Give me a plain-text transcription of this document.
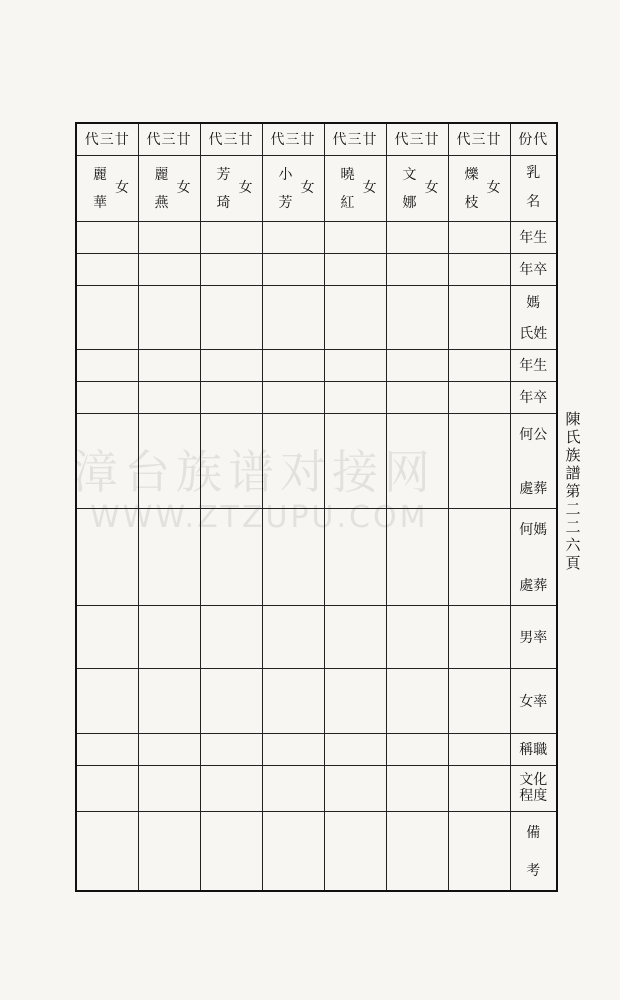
漳台族谱对接网
WWW.ZTZUPU.COM
代三廿	代三廿	代三廿	代三廿	代三廿	代三廿	代三廿	份代

麗
女
華	麗
女
燕	芳
女
琦	小
女
芳	曉
女
紅	文
女
娜	爍
女
枝	乳
名

							年生
							年卒

							媽
氏姓

							年生
							年卒

							何公
處葬

							何媽
處葬

							男率
							女率
							稱職

							文化
程度

							備
考
陳
氏
族
譜
第
二
二
六
頁
